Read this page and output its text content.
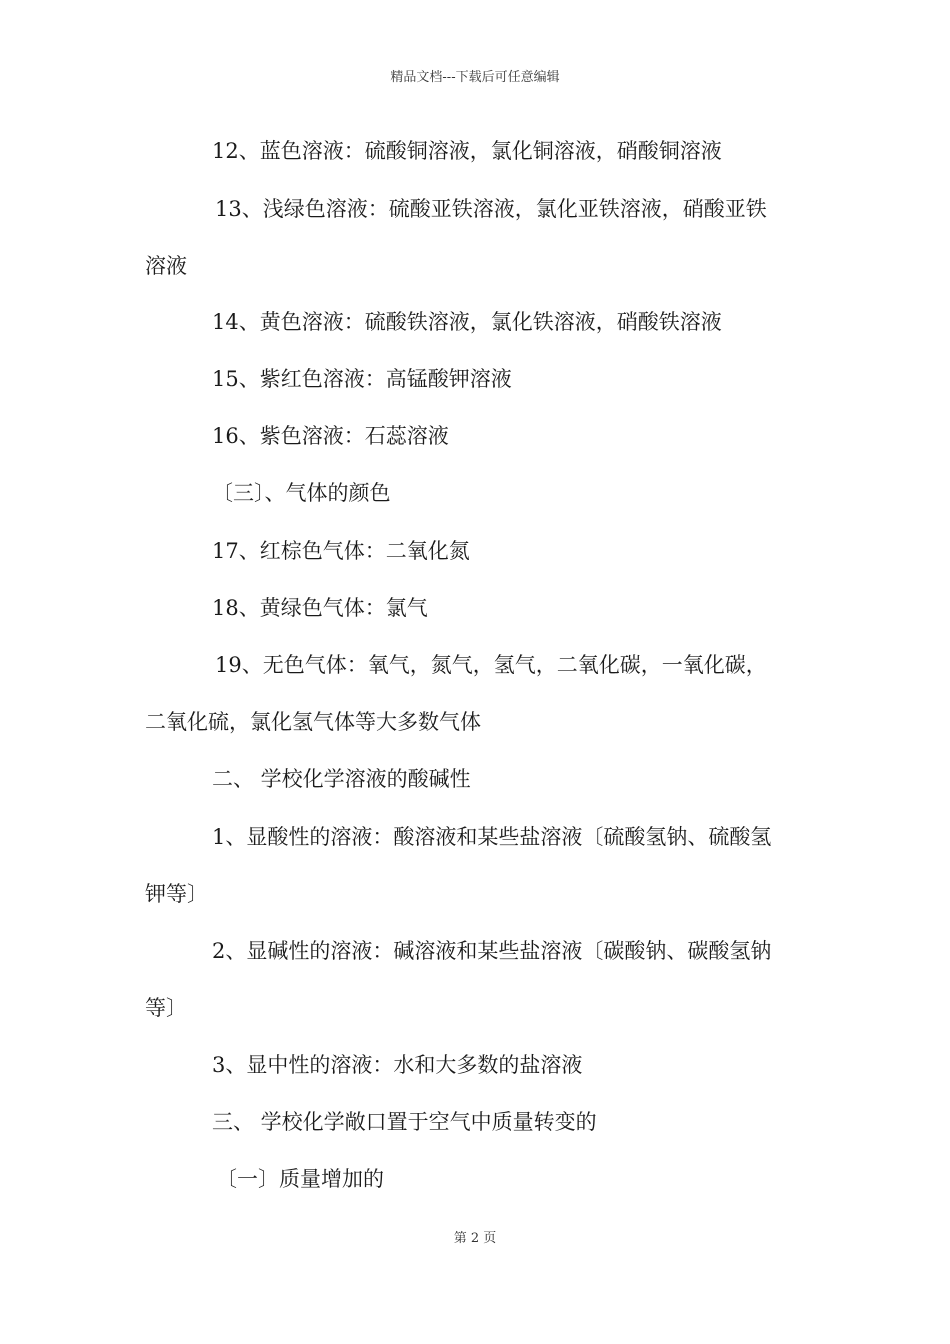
精品文档---下载后可任意编辑
12、蓝色溶液：硫酸铜溶液，氯化铜溶液，硝酸铜溶液
13、浅绿色溶液：硫酸亚铁溶液，氯化亚铁溶液，硝酸亚铁
溶液
14、黄色溶液：硫酸铁溶液，氯化铁溶液，硝酸铁溶液
15、紫红色溶液：高锰酸钾溶液
16、紫色溶液：石蕊溶液
〔三〕、气体的颜色
17、红棕色气体：二氧化氮
18、黄绿色气体：氯气
19、无色气体：氧气，氮气，氢气，二氧化碳，一氧化碳，
二氧化硫，氯化氢气体等大多数气体
二、 学校化学溶液的酸碱性
1、显酸性的溶液：酸溶液和某些盐溶液〔硫酸氢钠、硫酸氢
钾等〕
2、显碱性的溶液：碱溶液和某些盐溶液〔碳酸钠、碳酸氢钠
等〕
3、显中性的溶液：水和大多数的盐溶液
三、 学校化学敞口置于空气中质量转变的
〔一〕质量增加的
第 2 页
